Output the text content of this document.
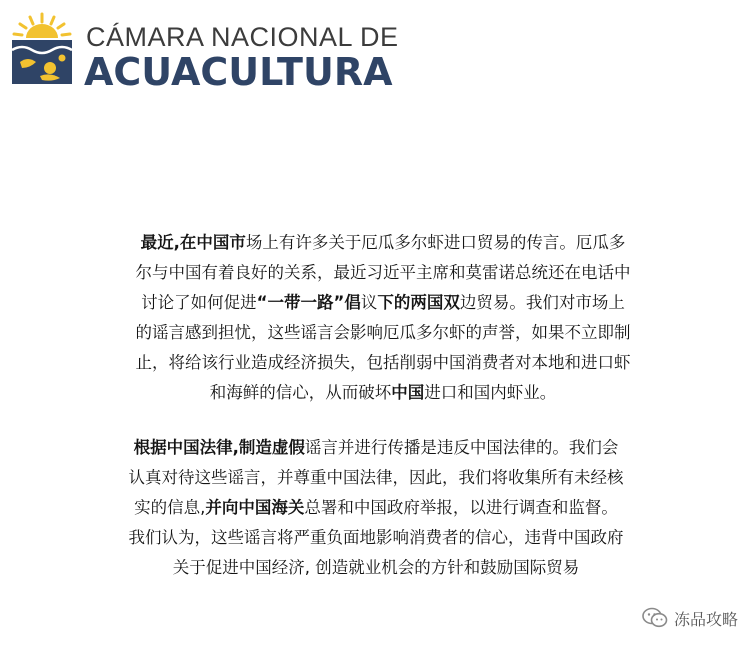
CÁMARA NACIONAL DE
ACUACULTURA
最近,在中国市场上有许多关于厄瓜多尔虾进口贸易的传言。厄瓜多
尔与中国有着良好的关系，最近习近平主席和莫雷诺总统还在电话中
讨论了如何促进“一带一路”倡议下的两国双边贸易。我们对市场上
的谣言感到担忧，这些谣言会影响厄瓜多尔虾的声誉，如果不立即制
止，将给该行业造成经济损失，包括削弱中国消费者对本地和进口虾
和海鲜的信心，从而破坏中国进口和国内虾业。
根据中国法律,制造虚假谣言并进行传播是违反中国法律的。我们会
认真对待这些谣言，并尊重中国法律，因此，我们将收集所有未经核
实的信息,并向中国海关总署和中国政府举报，以进行调查和监督。
我们认为，这些谣言将严重负面地影响消费者的信心，违背中国政府
关于促进中国经济, 创造就业机会的方针和鼓励国际贸易
冻品攻略
